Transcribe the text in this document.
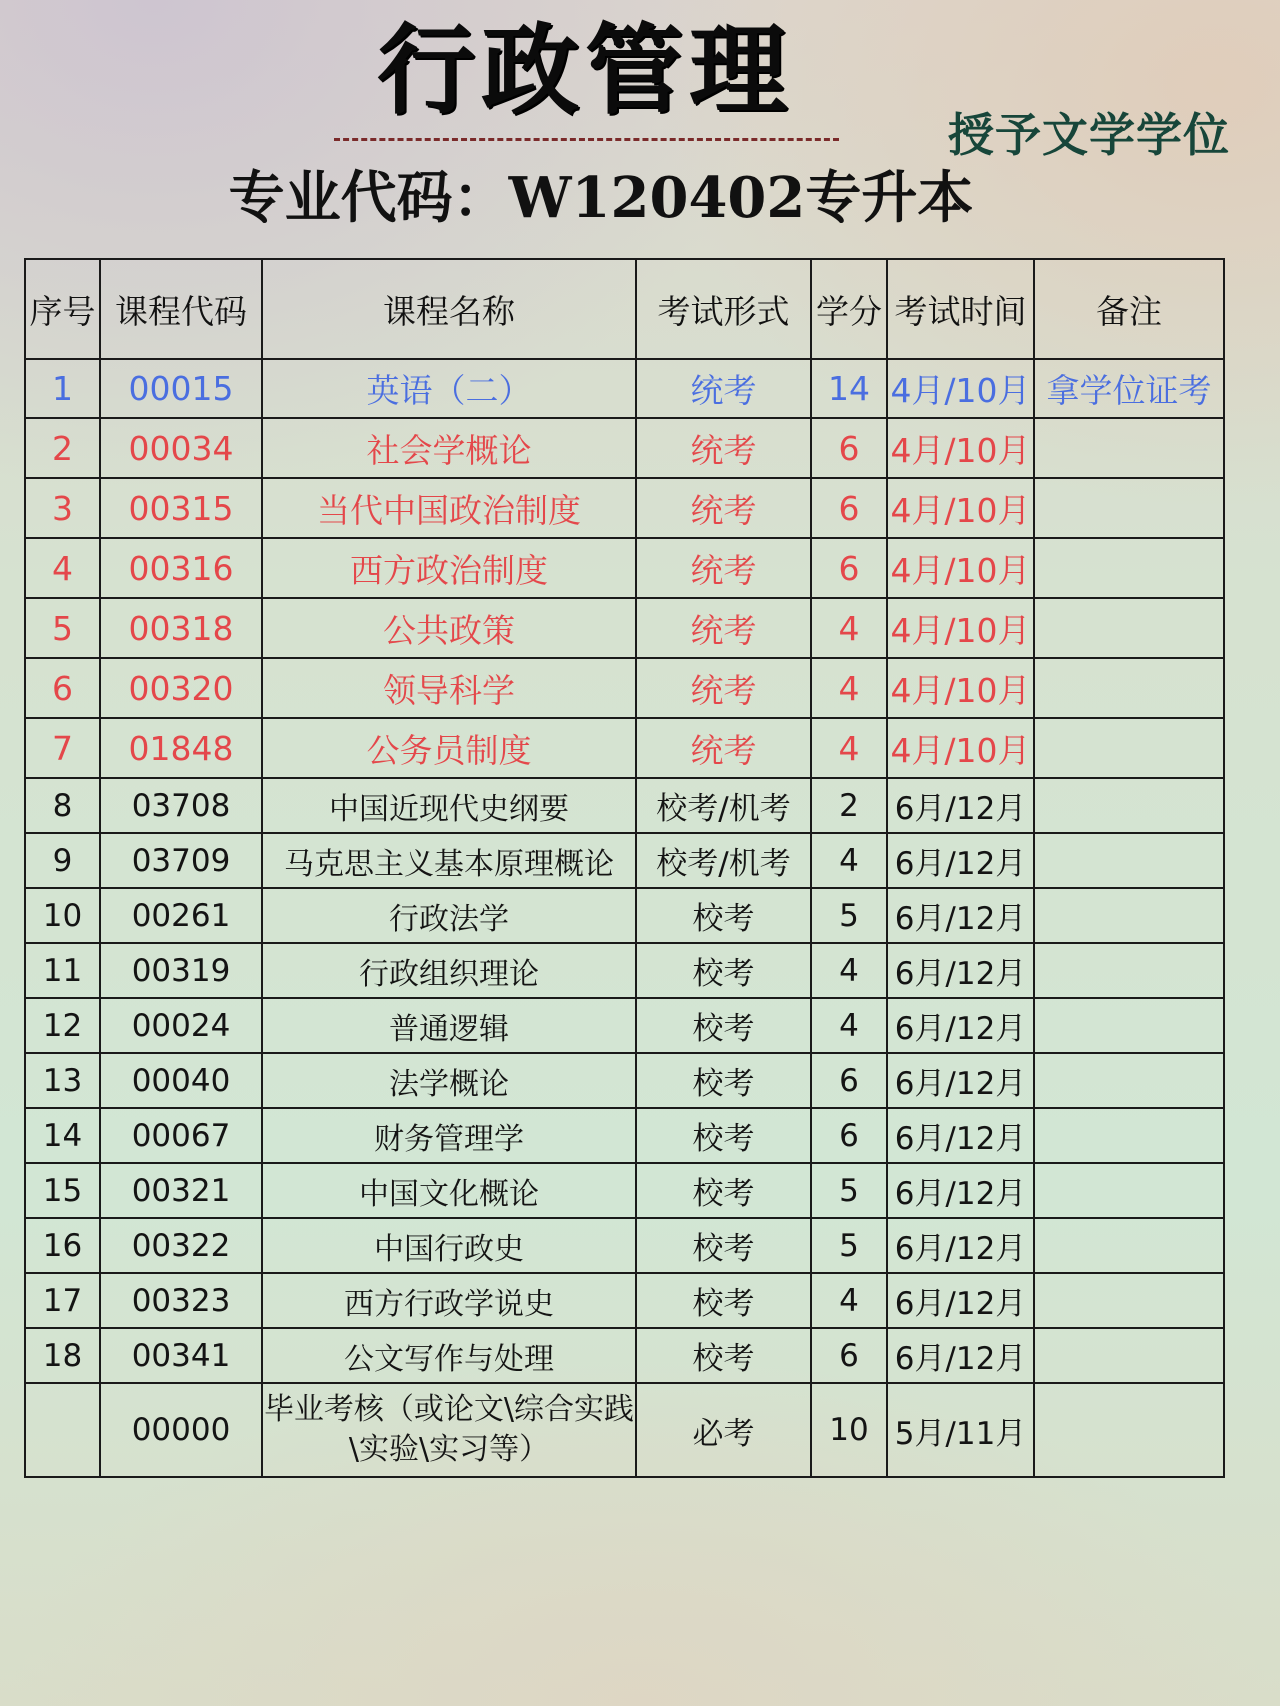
行政管理
授予文学学位
专业代码：W120402专升本
序号	课程代码	课程名称	考试形式	学分	考试时间	备注
1	00015	英语（二）	统考	14	4月/10月	拿学位证考
2	00034	社会学概论	统考	6	4月/10月	
3	00315	当代中国政治制度	统考	6	4月/10月	
4	00316	西方政治制度	统考	6	4月/10月	
5	00318	公共政策	统考	4	4月/10月	
6	00320	领导科学	统考	4	4月/10月	
7	01848	公务员制度	统考	4	4月/10月	
8	03708	中国近现代史纲要	校考/机考	2	6月/12月	
9	03709	马克思主义基本原理概论	校考/机考	4	6月/12月	
10	00261	行政法学	校考	5	6月/12月	
11	00319	行政组织理论	校考	4	6月/12月	
12	00024	普通逻辑	校考	4	6月/12月	
13	00040	法学概论	校考	6	6月/12月	
14	00067	财务管理学	校考	6	6月/12月	
15	00321	中国文化概论	校考	5	6月/12月	
16	00322	中国行政史	校考	5	6月/12月	
17	00323	西方行政学说史	校考	4	6月/12月	
18	00341	公文写作与处理	校考	6	6月/12月	
	00000	毕业考核（或论文\综合实践\实验\实习等）	必考	10	5月/11月	
